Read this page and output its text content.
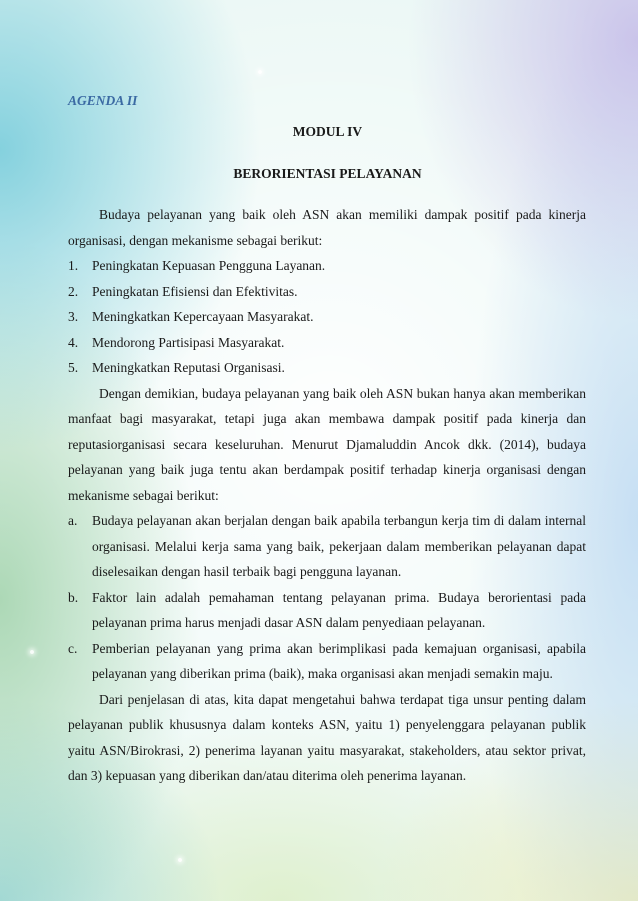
AGENDA II
MODUL IV
BERORIENTASI PELAYANAN

Budaya pelayanan yang baik oleh ASN akan memiliki dampak positif pada kinerja organisasi, dengan mekanisme sebagai berikut:

1.	Peningkatan Kepuasan Pengguna Layanan.
2.	Peningkatan Efisiensi dan Efektivitas.
3.	Meningkatkan Kepercayaan Masyarakat.
4.	Mendorong Partisipasi Masyarakat.
5.	Meningkatkan Reputasi Organisasi.

Dengan demikian, budaya pelayanan yang baik oleh ASN bukan hanya akan memberikan manfaat bagi masyarakat, tetapi juga akan membawa dampak positif pada kinerja dan reputasiorganisasi secara keseluruhan. Menurut Djamaluddin Ancok dkk. (2014), budaya pelayanan yang baik juga tentu akan berdampak positif terhadap kinerja organisasi dengan mekanisme sebagai berikut:

a.	Budaya pelayanan akan berjalan dengan baik apabila terbangun kerja tim di dalam internal organisasi. Melalui kerja sama yang baik, pekerjaan dalam memberikan pelayanan dapat diselesaikan dengan hasil terbaik bagi pengguna layanan.
b.	Faktor lain adalah pemahaman tentang pelayanan prima. Budaya berorientasi pada pelayanan prima harus menjadi dasar ASN dalam penyediaan pelayanan.
c.	Pemberian pelayanan yang prima akan berimplikasi pada kemajuan organisasi, apabila pelayanan yang diberikan prima (baik), maka organisasi akan menjadi semakin maju.

Dari penjelasan di atas, kita dapat mengetahui bahwa terdapat tiga unsur penting dalam pelayanan publik khususnya dalam konteks ASN, yaitu 1) penyelenggara pelayanan publik yaitu ASN/Birokrasi, 2) penerima layanan yaitu masyarakat, stakeholders, atau sektor privat, dan 3) kepuasan yang diberikan dan/atau diterima oleh penerima layanan.
